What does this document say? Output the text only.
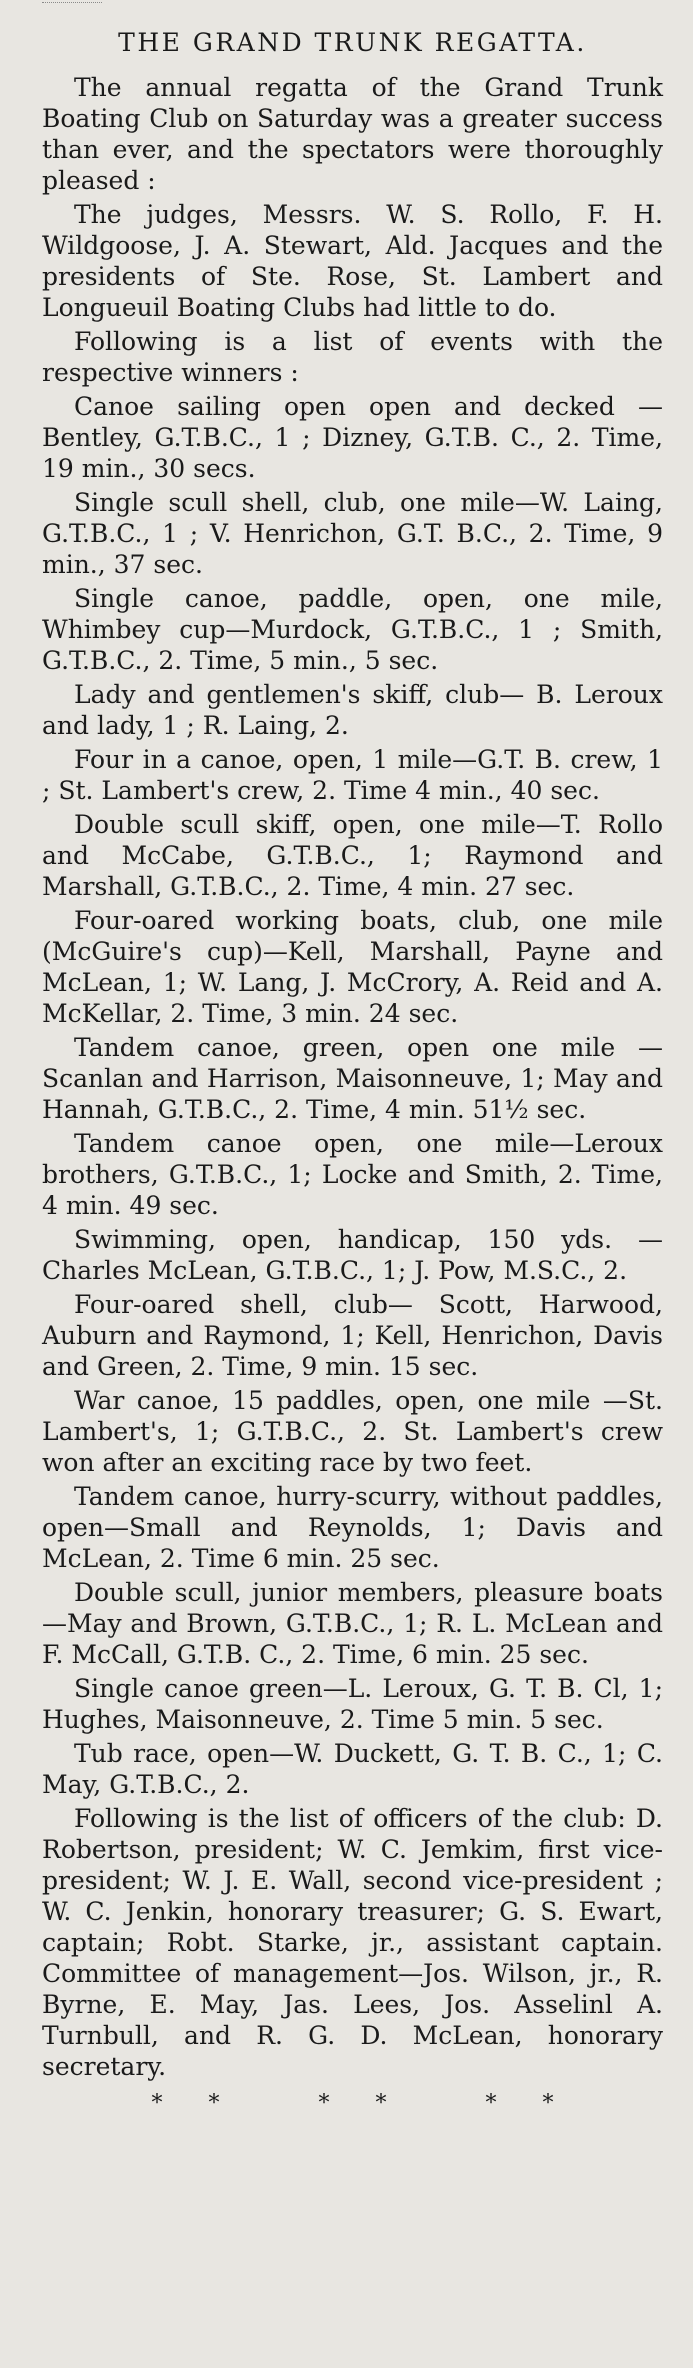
THE GRAND TRUNK REGATTA.

The annual regatta of the Grand Trunk Boating Club on Saturday was a greater success than ever, and the spectators were thoroughly pleased :

The judges, Messrs. W. S. Rollo, F. H. Wildgoose, J. A. Stewart, Ald. Jacques and the presidents of Ste. Rose, St. Lambert and Longueuil Boating Clubs had little to do.

Following is a list of events with the respective winners :

Canoe sailing open open and decked —Bentley, G.T.B.C., 1 ; Dizney, G.T.B. C., 2. Time, 19 min., 30 secs.

Single scull shell, club, one mile—W. Laing, G.T.B.C., 1 ; V. Henrichon, G.T. B.C., 2. Time, 9 min., 37 sec.

Single canoe, paddle, open, one mile, Whimbey cup—Murdock, G.T.B.C., 1 ; Smith, G.T.B.C., 2. Time, 5 min., 5 sec.

Lady and gentlemen's skiff, club— B. Leroux and lady, 1 ; R. Laing, 2.

Four in a canoe, open, 1 mile—G.T. B. crew, 1 ; St. Lambert's crew, 2. Time 4 min., 40 sec.

Double scull skiff, open, one mile—T. Rollo and McCabe, G.T.B.C., 1; Raymond and Marshall, G.T.B.C., 2. Time, 4 min. 27 sec.

Four-oared working boats, club, one mile (McGuire's cup)—Kell, Marshall, Payne and McLean, 1; W. Lang, J. McCrory, A. Reid and A. McKellar, 2. Time, 3 min. 24 sec.

Tandem canoe, green, open one mile —Scanlan and Harrison, Maisonneuve, 1; May and Hannah, G.T.B.C., 2. Time, 4 min. 51½ sec.

Tandem canoe open, one mile—Leroux brothers, G.T.B.C., 1; Locke and Smith, 2. Time, 4 min. 49 sec.

Swimming, open, handicap, 150 yds. —Charles McLean, G.T.B.C., 1; J. Pow, M.S.C., 2.

Four-oared shell, club— Scott, Harwood, Auburn and Raymond, 1; Kell, Henrichon, Davis and Green, 2. Time, 9 min. 15 sec.

War canoe, 15 paddles, open, one mile —St. Lambert's, 1; G.T.B.C., 2. St. Lambert's crew won after an exciting race by two feet.

Tandem canoe, hurry-scurry, without paddles, open—Small and Reynolds, 1; Davis and McLean, 2. Time 6 min. 25 sec.

Double scull, junior members, pleasure boats—May and Brown, G.T.B.C., 1; R. L. McLean and F. McCall, G.T.B. C., 2. Time, 6 min. 25 sec.

Single canoe green—L. Leroux, G. T. B. Cl, 1; Hughes, Maisonneuve, 2. Time 5 min. 5 sec.

Tub race, open—W. Duckett, G. T. B. C., 1; C. May, G.T.B.C., 2.

Following is the list of officers of the club: D. Robertson, president; W. C. Jemkim, first vice-president; W. J. E. Wall, second vice-president ; W. C. Jenkin, honorary treasurer; G. S. Ewart, captain; Robt. Starke, jr., assistant captain. Committee of management—Jos. Wilson, jr., R. Byrne, E. May, Jas. Lees, Jos. Asselinl A. Turnbull, and R. G. D. McLean, honorary secretary.

** ** **
